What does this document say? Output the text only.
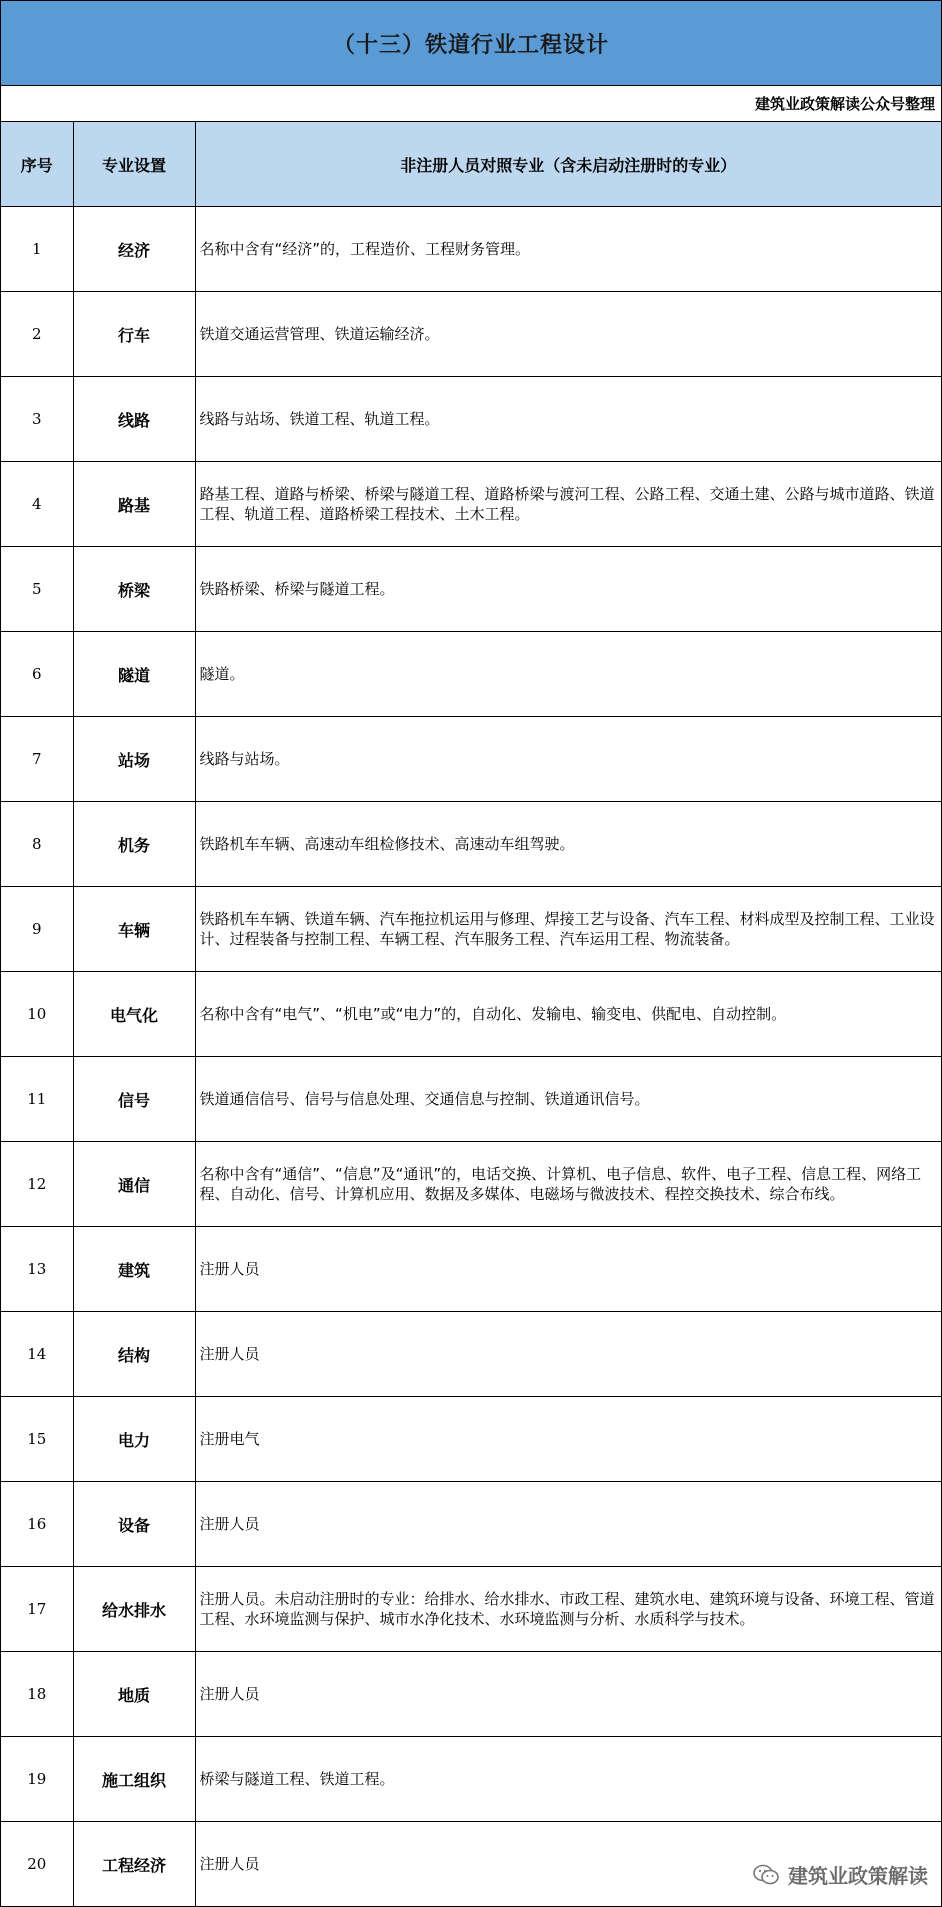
（十三）铁道行业工程设计
建筑业政策解读公众号整理
序号	专业设置	非注册人员对照专业（含未启动注册时的专业）
1	经济	名称中含有“经济”的，工程造价、工程财务管理。
2	行车	铁道交通运营管理、铁道运输经济。
3	线路	线路与站场、铁道工程、轨道工程。
4	路基	路基工程、道路与桥梁、桥梁与隧道工程、道路桥梁与渡河工程、公路工程、交通土建、公路与城市道路、铁道工程、轨道工程、道路桥梁工程技术、土木工程。
5	桥梁	铁路桥梁、桥梁与隧道工程。
6	隧道	隧道。
7	站场	线路与站场。
8	机务	铁路机车车辆、高速动车组检修技术、高速动车组驾驶。
9	车辆	铁路机车车辆、铁道车辆、汽车拖拉机运用与修理、焊接工艺与设备、汽车工程、材料成型及控制工程、工业设计、过程装备与控制工程、车辆工程、汽车服务工程、汽车运用工程、物流装备。
10	电气化	名称中含有“电气”、“机电”或“电力”的，自动化、发输电、输变电、供配电、自动控制。
11	信号	铁道通信信号、信号与信息处理、交通信息与控制、铁道通讯信号。
12	通信	名称中含有“通信”、“信息”及“通讯”的，电话交换、计算机、电子信息、软件、电子工程、信息工程、网络工程、自动化、信号、计算机应用、数据及多媒体、电磁场与微波技术、程控交换技术、综合布线。
13	建筑	注册人员
14	结构	注册人员
15	电力	注册电气
16	设备	注册人员
17	给水排水	注册人员。未启动注册时的专业：给排水、给水排水、市政工程、建筑水电、建筑环境与设备、环境工程、管道工程、水环境监测与保护、城市水净化技术、水环境监测与分析、水质科学与技术。
18	地质	注册人员
19	施工组织	桥梁与隧道工程、铁道工程。
20	工程经济	注册人员	建筑业政策解读
